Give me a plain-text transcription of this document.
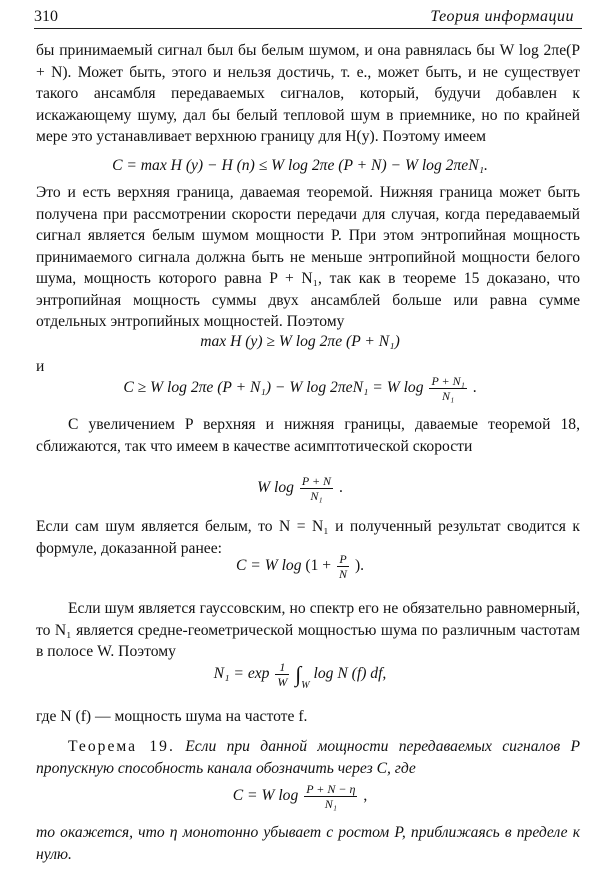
310	Теория информации
бы принимаемый сигнал был бы белым шумом, и она равнялась бы W log 2πe(P + N). Может быть, этого и нельзя достичь, т. е., может быть, и не существует такого ансамбля передаваемых сигналов, который, будучи добавлен к искажающему шуму, дал бы белый тепловой шум в приемнике, но по крайней мере это устанавливает верхнюю границу для H(y). Поэтому имеем
C = max H (y) − H (n) ≤ W log 2πe (P + N) − W log 2πeN₁.
Это и есть верхняя граница, даваемая теоремой. Нижняя граница может быть получена при рассмотрении скорости передачи для случая, когда передаваемый сигнал является белым шумом мощности P. При этом энтропийная мощность принимаемого сигнала должна быть не меньше энтропийной мощности белого шума, мощность которого равна P + N₁, так как в теореме 15 доказано, что энтропийная мощность суммы двух ансамблей больше или равна сумме отдельных энтропийных мощностей. Поэтому
max H (y) ≥ W log 2πe (P + N₁)
и
C ≥ W log 2πe (P + N₁) − W log 2πeN₁ = W $\log \frac{\text{P + N₁}}{\text{N₁}}$ .
С увеличением P верхняя и нижняя границы, даваемые теоремой 18, сближаются, так что имеем в качестве асимптотической скорости
W $\log \frac{P + N}{\text{N₁}}$ .
Если сам шум является белым, то N = N₁ и полученный результат сводится к формуле, доказанной ранее:
C = W $\log (1 + \frac{P}{N}$ ).
Если шум является гауссовским, но спектр его не обязательно равномерный, то N₁ является средне-геометрической мощностью шума по различным частотам в полосе W. Поэтому
$N_1 = \exp \frac{1}{W} \int_W$ log N (f) df,
где N (f) — мощность шума на частоте f.
Теорема 19. Если при данной мощности передаваемых сигналов P пропускную способность канала обозначить через C, где
C = W $\log \frac{P + N - \eta}{\text{N₁}}$ ,
то окажется, что η монотонно убывает с ростом P, приближаясь в пределе к нулю.
